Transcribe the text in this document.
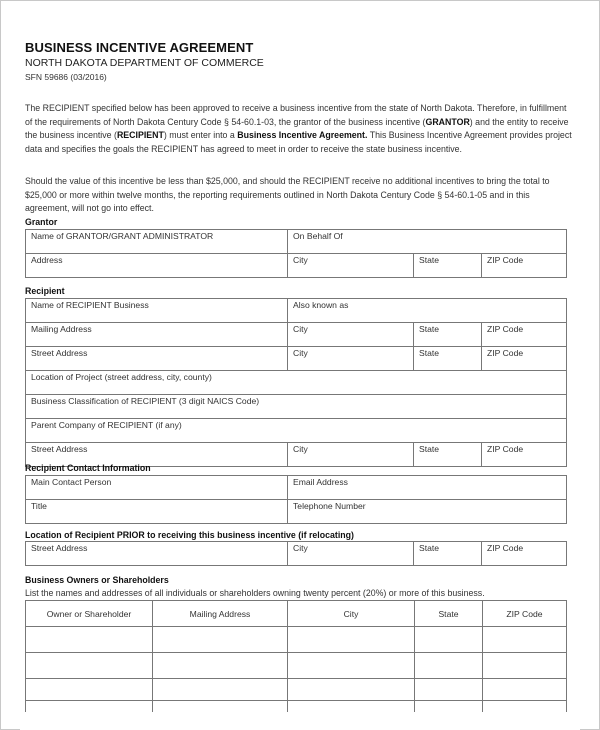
BUSINESS INCENTIVE AGREEMENT
NORTH DAKOTA DEPARTMENT OF COMMERCE
SFN 59686 (03/2016)
The RECIPIENT specified below has been approved to receive a business incentive from the state of North Dakota. Therefore, in fulfillment of the requirements of North Dakota Century Code § 54-60.1-03, the grantor of the business incentive (GRANTOR) and the entity to receive the business incentive (RECIPIENT) must enter into a Business Incentive Agreement. This Business Incentive Agreement provides project data and specifies the goals the RECIPIENT has agreed to meet in order to receive the state business incentive.
Should the value of this incentive be less than $25,000, and should the RECIPIENT receive no additional incentives to bring the total to $25,000 or more within twelve months, the reporting requirements outlined in North Dakota Century Code § 54-60.1-05 and in this agreement, will not go into effect.
Grantor
Name of GRANTOR/GRANT ADMINISTRATOR	On Behalf Of		
Address	City	State	ZIP Code
Recipient
Name of RECIPIENT Business	Also known as		
Mailing Address	City	State	ZIP Code
Street Address	City	State	ZIP Code
Location of Project (street address, city, county)			
Business Classification of RECIPIENT (3 digit NAICS Code)			
Parent Company of RECIPIENT (if any)			
Street Address	City	State	ZIP Code
Recipient Contact Information
Main Contact Person	Email Address
Title	Telephone Number
Location of Recipient PRIOR to receiving this business incentive (if relocating)
Street Address	City	State	ZIP Code
Business Owners or Shareholders
List the names and addresses of all individuals or shareholders owning twenty percent (20%) or more of this business.
Owner or Shareholder	Mailing Address	City	State	ZIP Code
